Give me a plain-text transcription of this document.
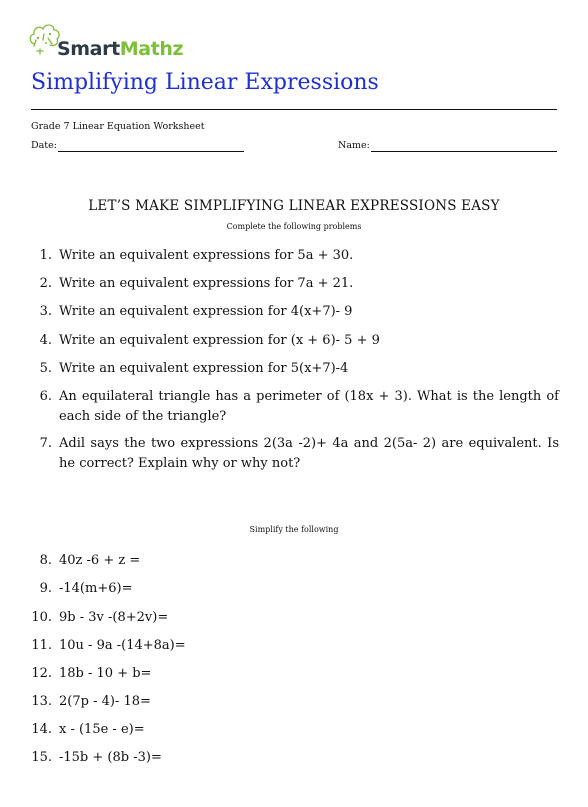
SmartMathz
Simplifying Linear Expressions
Grade 7 Linear Equation Worksheet
Date:	Name:
LET’S MAKE SIMPLIFYING LINEAR EXPRESSIONS EASY
Complete the following problems
1. Write an equivalent expressions for 5a + 30.
2. Write an equivalent expressions for 7a + 21.
3. Write an equivalent expression for 4(x+7)- 9
4. Write an equivalent expression for (x + 6)- 5 + 9
5. Write an equivalent expression for 5(x+7)-4
6. An equilateral triangle has a perimeter of (18x + 3). What is the length of each side of the triangle?
7. Adil says the two expressions 2(3a -2)+ 4a and 2(5a- 2) are equivalent. Is he correct? Explain why or why not?
Simplify the following
8. 40z -6 + z =
9. -14(m+6)=
10. 9b - 3v -(8+2v)=
11. 10u - 9a -(14+8a)=
12. 18b - 10 + b=
13. 2(7p - 4)- 18=
14. x - (15e - e)=
15. -15b + (8b -3)=
